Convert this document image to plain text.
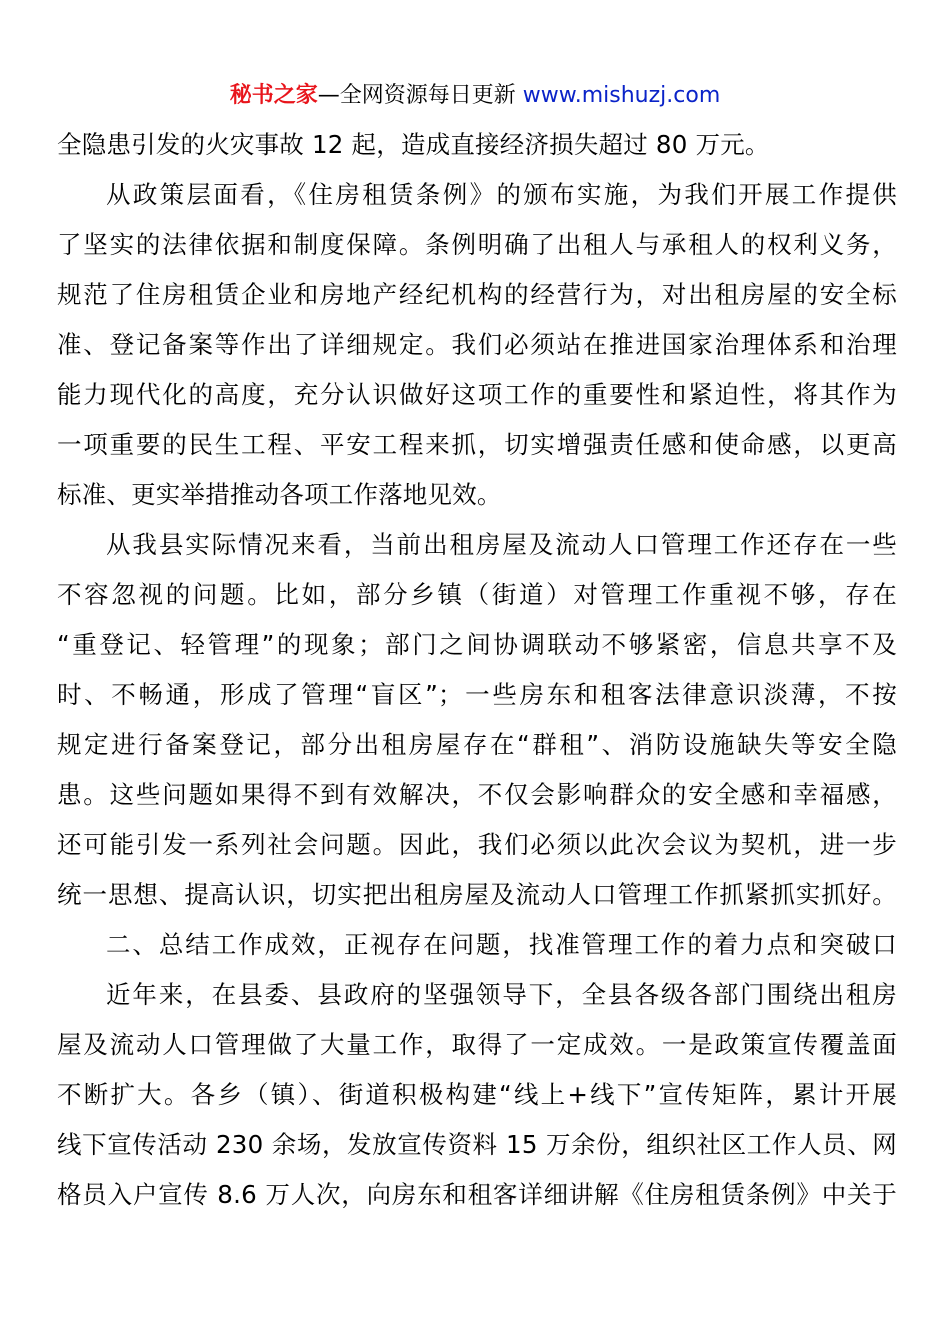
秘书之家—全网资源每日更新 www.mishuzj.com
全隐患引发的火灾事故 12 起，造成直接经济损失超过 80 万元。
从政策层面看，《住房租赁条例》的颁布实施，为我们开展工作提供
了坚实的法律依据和制度保障。条例明确了出租人与承租人的权利义务，
规范了住房租赁企业和房地产经纪机构的经营行为，对出租房屋的安全标
准、登记备案等作出了详细规定。我们必须站在推进国家治理体系和治理
能力现代化的高度，充分认识做好这项工作的重要性和紧迫性，将其作为
一项重要的民生工程、平安工程来抓，切实增强责任感和使命感，以更高
标准、更实举措推动各项工作落地见效。
从我县实际情况来看，当前出租房屋及流动人口管理工作还存在一些
不容忽视的问题。比如，部分乡镇（街道）对管理工作重视不够，存在
“重登记、轻管理”的现象；部门之间协调联动不够紧密，信息共享不及
时、不畅通，形成了管理“盲区”；一些房东和租客法律意识淡薄，不按
规定进行备案登记，部分出租房屋存在“群租”、消防设施缺失等安全隐
患。这些问题如果得不到有效解决，不仅会影响群众的安全感和幸福感，
还可能引发一系列社会问题。因此，我们必须以此次会议为契机，进一步
统一思想、提高认识，切实把出租房屋及流动人口管理工作抓紧抓实抓好。
二、总结工作成效，正视存在问题，找准管理工作的着力点和突破口
近年来，在县委、县政府的坚强领导下，全县各级各部门围绕出租房
屋及流动人口管理做了大量工作，取得了一定成效。一是政策宣传覆盖面
不断扩大。各乡（镇）、街道积极构建“线上+线下”宣传矩阵，累计开展
线下宣传活动 230 余场，发放宣传资料 15 万余份，组织社区工作人员、网
格员入户宣传 8.6 万人次，向房东和租客详细讲解《住房租赁条例》中关于
